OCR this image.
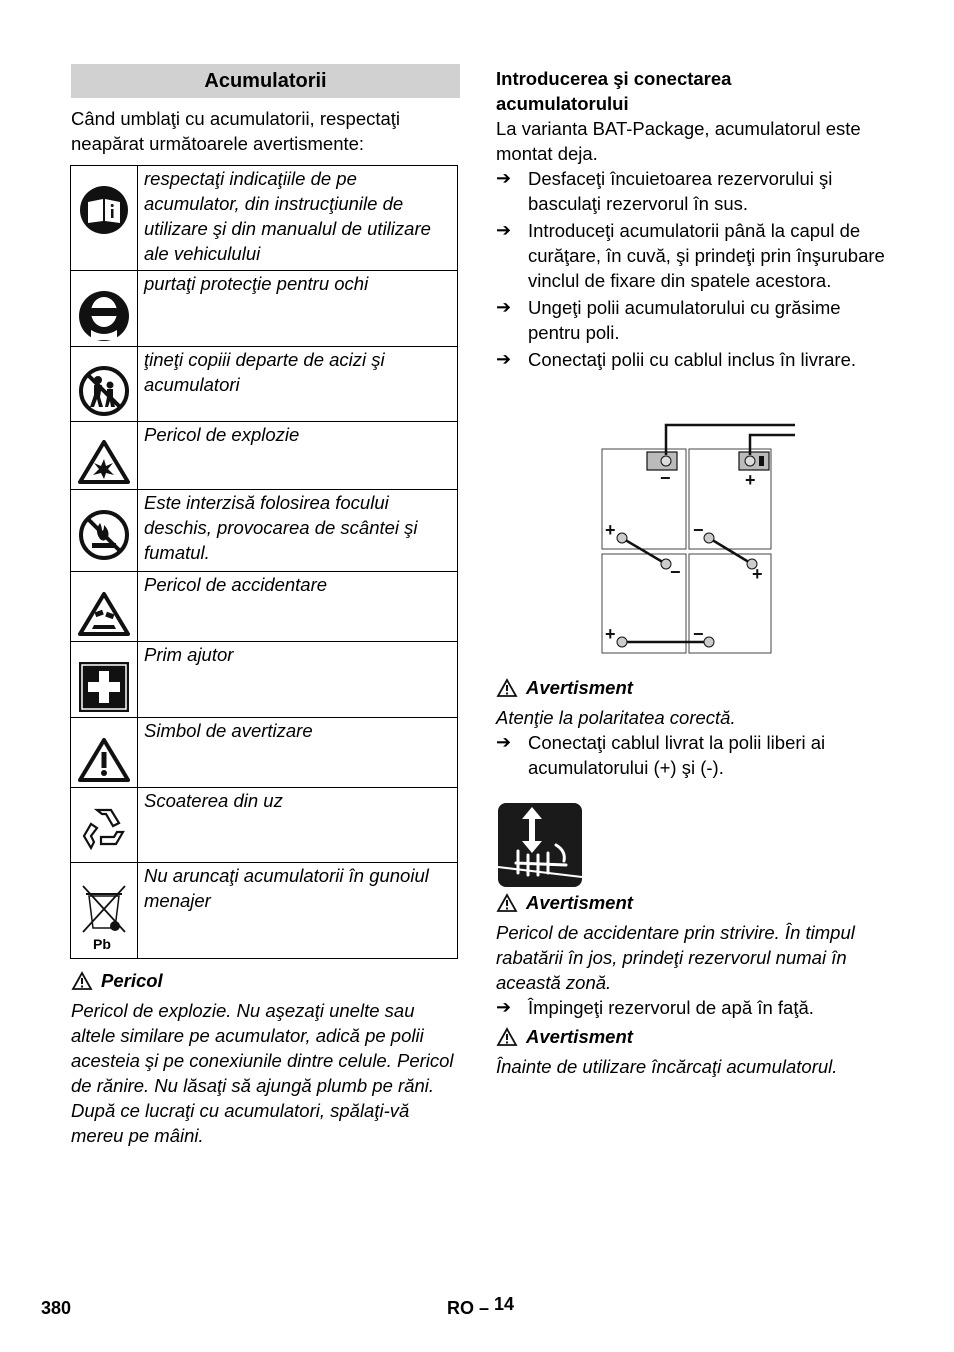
Acumulatorii
Când umblaţi cu acumulatorii, respectaţi neapărat următoarele avertismente:
	respectaţi indicaţiile de pe acumulator, din instrucţiunile de utilizare şi din manualul de utilizare ale vehiculului

	purtaţi protecţie pentru ochi

	ţineţi copiii departe de acizi şi acumulatori

	Pericol de explozie

	Este interzisă folosirea focului deschis, provocarea de scântei şi fumatul.

	Pericol de accidentare

	Prim ajutor

	Simbol de avertizare

	Scoaterea din uz

Pb	Nu aruncaţi acumulatorii în gunoiul menajer
Pericol
Pericol de explozie. Nu aşezaţi unelte sau altele similare pe acumulator, adică pe polii acesteia şi pe conexiunile dintre celule. Pericol de rănire. Nu lăsaţi să ajungă plumb pe răni. După ce lucraţi cu acumulatori, spălaţi-vă mereu pe mâini.
Introducerea şi conectarea acumulatorului
La varianta BAT-Package, acumulatorul este montat deja.
➔ Desfaceţi încuietoarea rezervorului şi basculaţi rezervorul în sus.
➔ Introduceţi acumulatorii până la capul de curăţare, în cuvă, şi prindeţi prin înşurubare vinclul de fixare din spatele acestora.
➔ Ungeţi polii acumulatorului cu grăsime pentru poli.
➔ Conectaţi polii cu cablul inclus în livrare.
−	+
+	−
−	+
+	−
Avertisment
Atenţie la polaritatea corectă.
➔ Conectaţi cablul livrat la polii liberi ai acumulatorului (+) şi (-).
Avertisment
Pericol de accidentare prin strivire. În timpul rabatării în jos, prindeţi rezervorul numai în această zonă.
➔ Împingeţi rezervorul de apă în faţă.
Avertisment
Înainte de utilizare încărcaţi acumulatorul.
380	RO – 14
